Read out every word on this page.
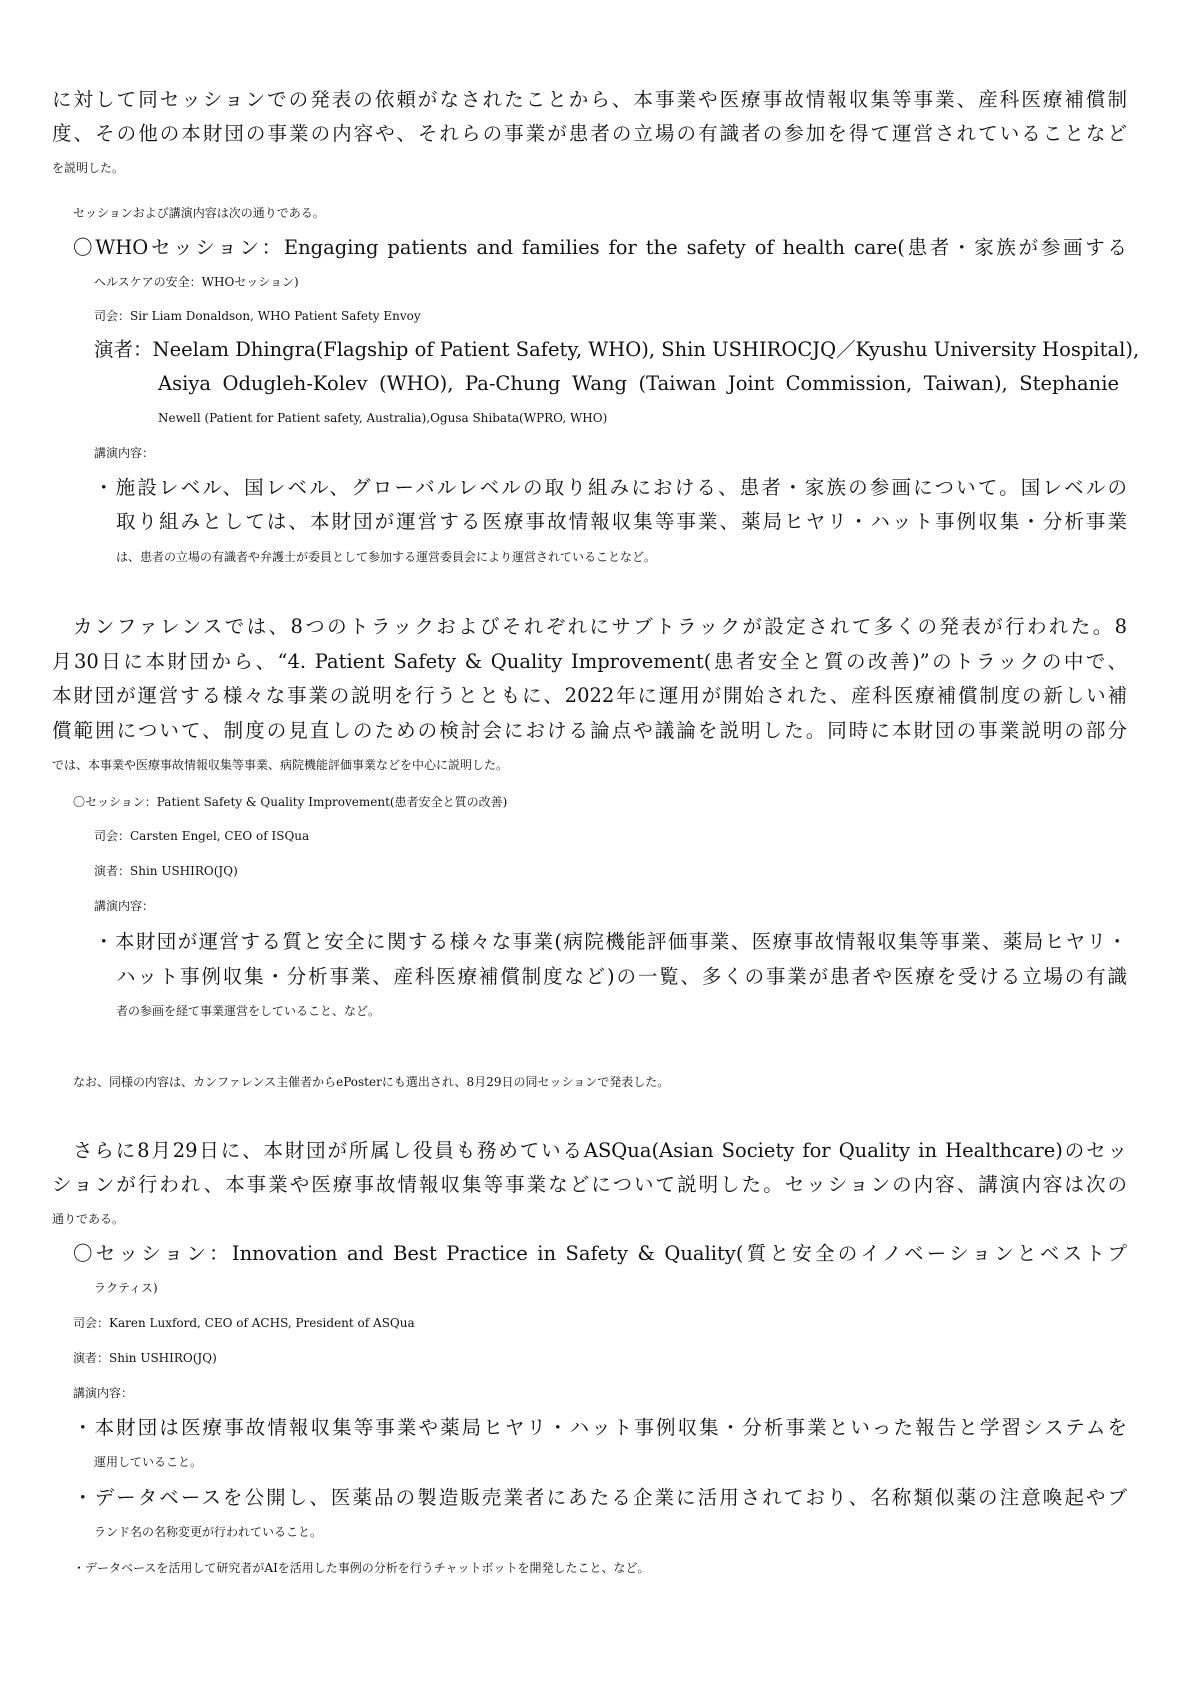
に対して同セッションでの発表の依頼がなされたことから、本事業や医療事故情報収集等事業、産科医療補償制
度、その他の本財団の事業の内容や、それらの事業が患者の立場の有識者の参加を得て運営されていることなど
を説明した。
セッションおよび講演内容は次の通りである。
〇WHOセッション：Engaging patients and families for the safety of health care(患者・家族が参画する
ヘルスケアの安全：WHOセッション)
司会：Sir Liam Donaldson, WHO Patient Safety Envoy
演者：Neelam Dhingra(Flagship of Patient Safety, WHO), Shin USHIROCJQ／Kyushu University Hospital),
Asiya Odugleh‐Kolev (WHO), Pa‐Chung Wang (Taiwan Joint Commission, Taiwan), Stephanie
Newell (Patient for Patient safety, Australia),Ogusa Shibata(WPRO, WHO)
講演内容：
・施設レベル、国レベル、グローバルレベルの取り組みにおける、患者・家族の参画について。国レベルの
取り組みとしては、本財団が運営する医療事故情報収集等事業、薬局ヒヤリ・ハット事例収集・分析事業
は、患者の立場の有識者や弁護士が委員として参加する運営委員会により運営されていることなど。
カンファレンスでは、8つのトラックおよびそれぞれにサブトラックが設定されて多くの発表が行われた。8
月30日に本財団から、“4. Patient Safety & Quality Improvement(患者安全と質の改善)”のトラックの中で、
本財団が運営する様々な事業の説明を行うとともに、2022年に運用が開始された、産科医療補償制度の新しい補
償範囲について、制度の見直しのための検討会における論点や議論を説明した。同時に本財団の事業説明の部分
では、本事業や医療事故情報収集等事業、病院機能評価事業などを中心に説明した。
〇セッション：Patient Safety & Quality Improvement(患者安全と質の改善)
司会：Carsten Engel, CEO of ISQua
演者：Shin USHIRO(JQ)
講演内容：
・本財団が運営する質と安全に関する様々な事業(病院機能評価事業、医療事故情報収集等事業、薬局ヒヤリ・
ハット事例収集・分析事業、産科医療補償制度など)の一覧、多くの事業が患者や医療を受ける立場の有識
者の参画を経て事業運営をしていること、など。
なお、同様の内容は、カンファレンス主催者からePosterにも選出され、8月29日の同セッションで発表した。
さらに8月29日に、本財団が所属し役員も務めているASQua(Asian Society for Quality in Healthcare)のセッ
ションが行われ、本事業や医療事故情報収集等事業などについて説明した。セッションの内容、講演内容は次の
通りである。
〇セッション：Innovation and Best Practice in Safety & Quality(質と安全のイノベーションとベストプ
ラクティス)
司会：Karen Luxford, CEO of ACHS, President of ASQua
演者：Shin USHIRO(JQ)
講演内容：
・本財団は医療事故情報収集等事業や薬局ヒヤリ・ハット事例収集・分析事業といった報告と学習システムを
運用していること。
・データベースを公開し、医薬品の製造販売業者にあたる企業に活用されており、名称類似薬の注意喚起やブ
ランド名の名称変更が行われていること。
・データベースを活用して研究者がAIを活用した事例の分析を行うチャットボットを開発したこと、など。
